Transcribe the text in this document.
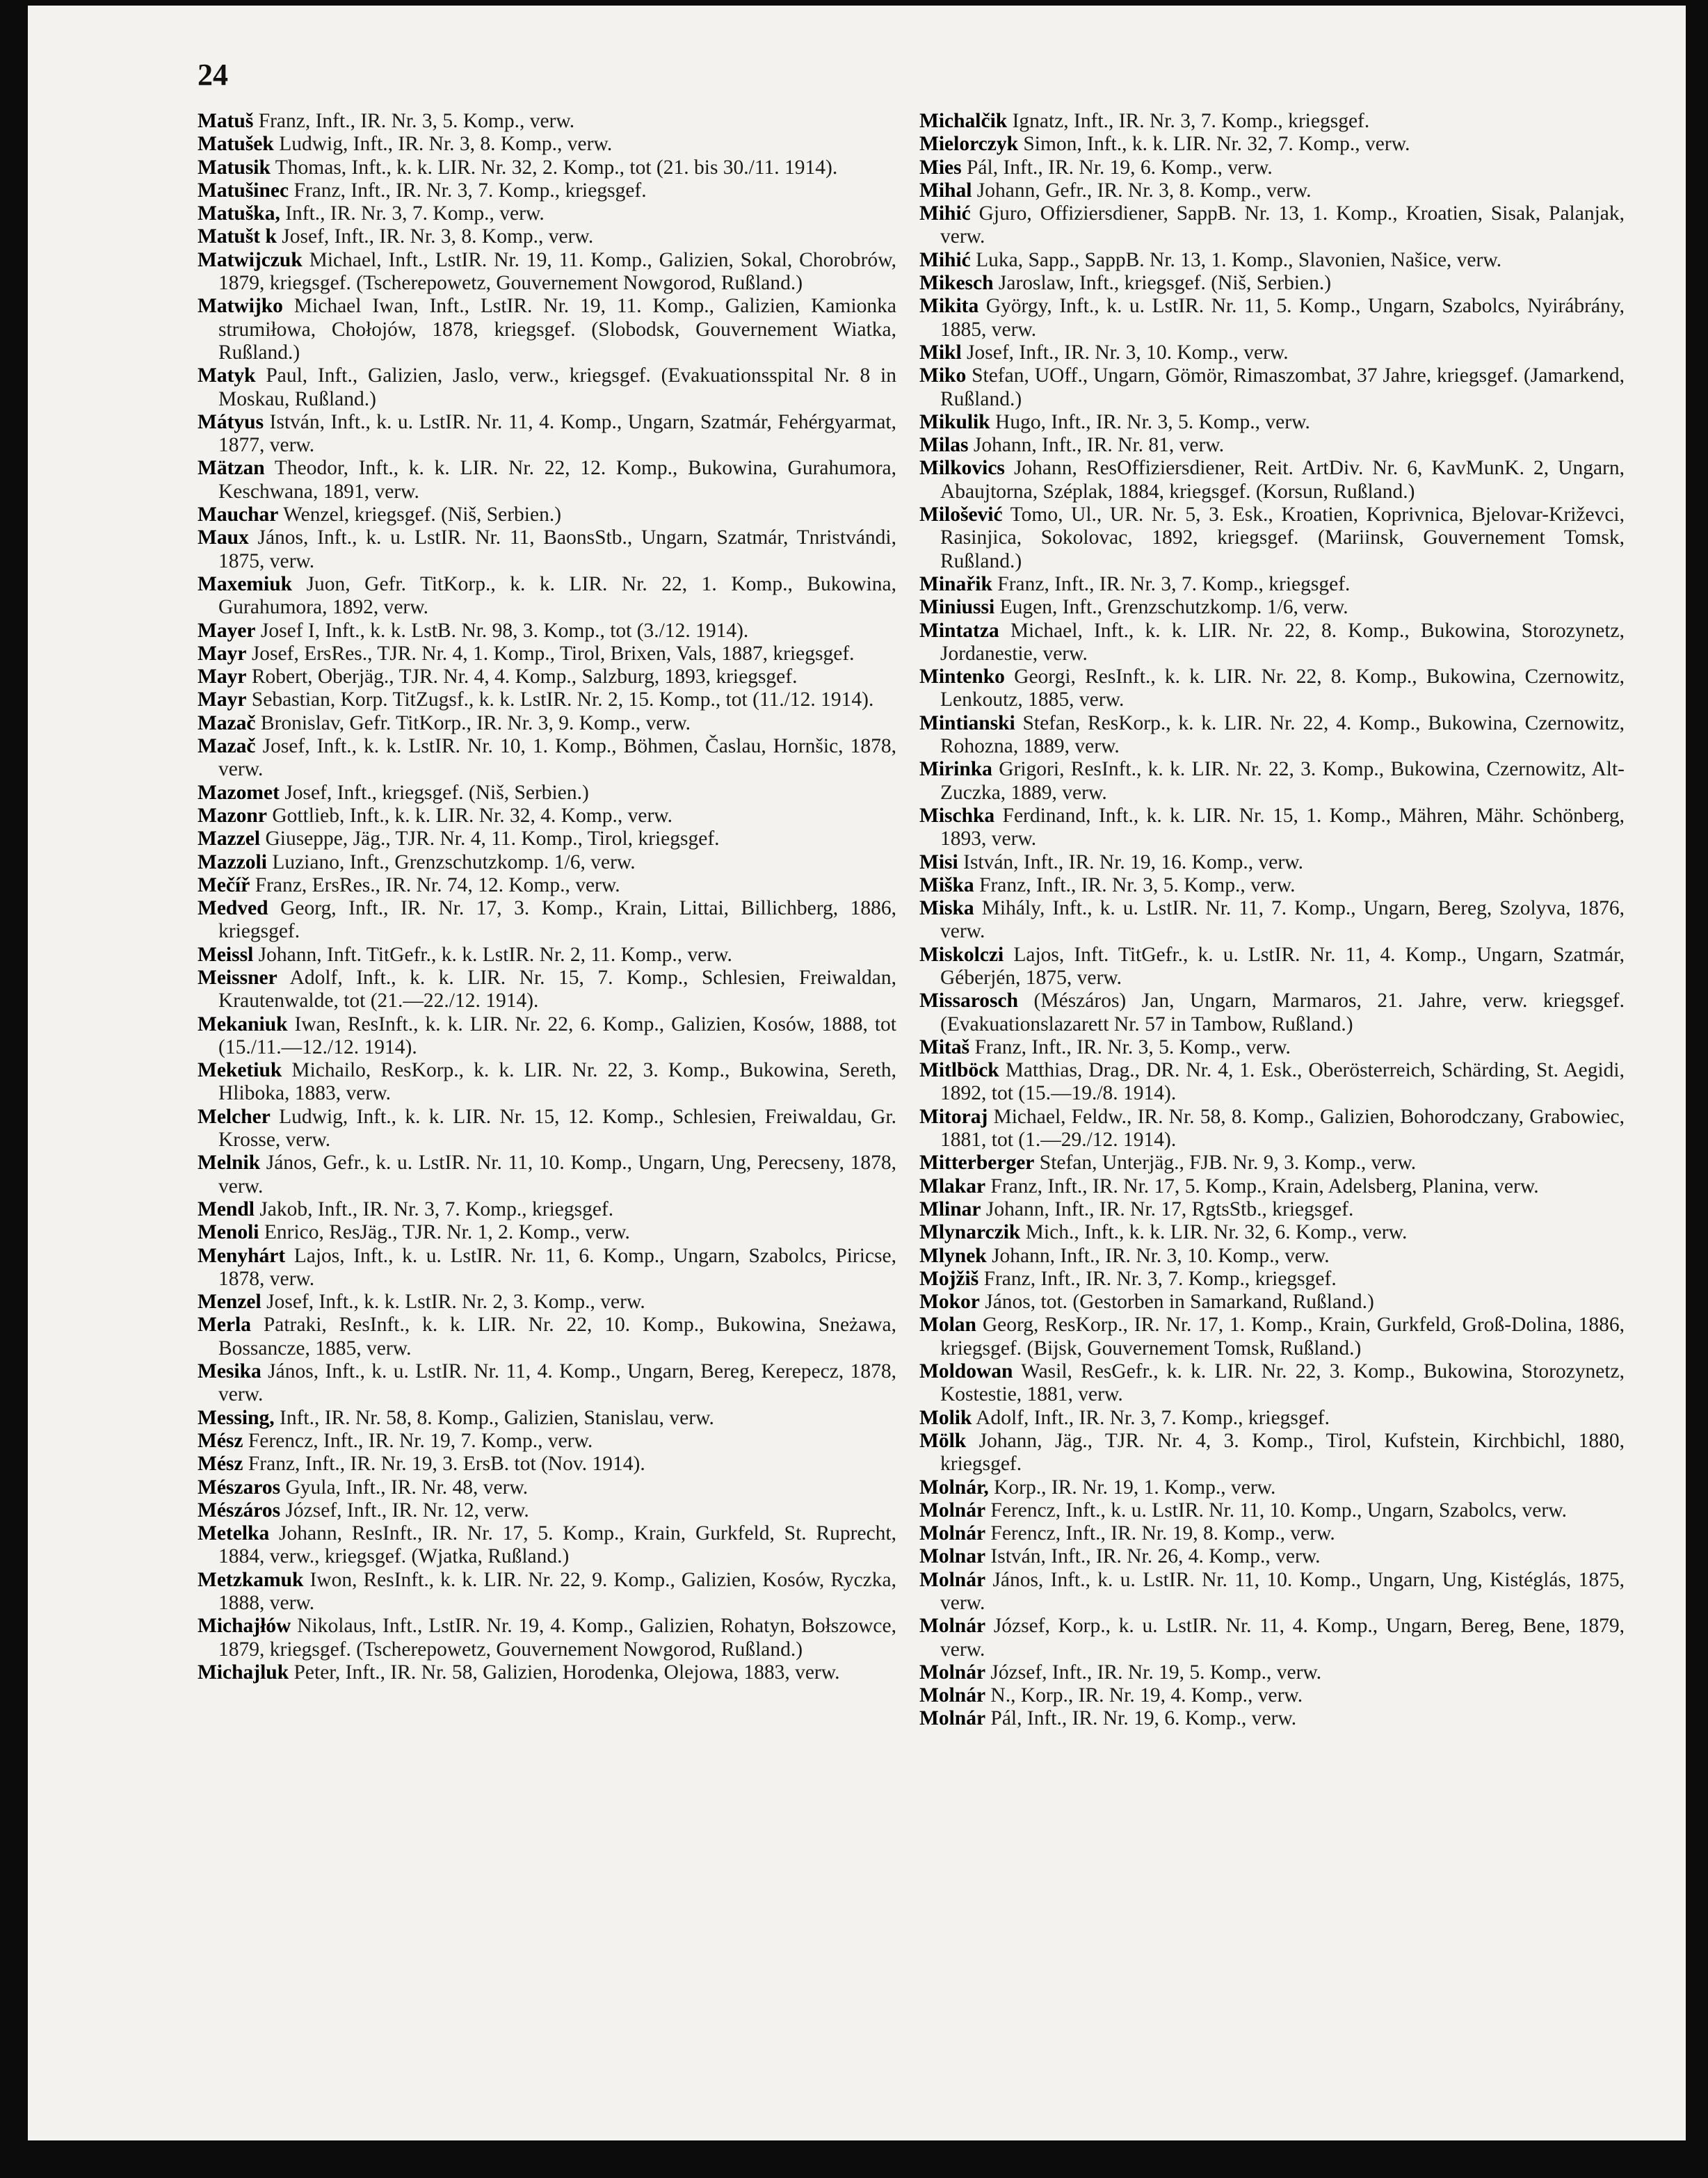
24

Matuš Franz, Inft., IR. Nr. 3, 5. Komp., verw.

Matušek Ludwig, Inft., IR. Nr. 3, 8. Komp., verw.

Matusik Thomas, Inft., k. k. LIR. Nr. 32, 2. Komp., tot (21. bis 30./11. 1914).

Matušinec Franz, Inft., IR. Nr. 3, 7. Komp., kriegsgef.

Matuška, Inft., IR. Nr. 3, 7. Komp., verw.

Matušt k Josef, Inft., IR. Nr. 3, 8. Komp., verw.

Matwijczuk Michael, Inft., LstIR. Nr. 19, 11. Komp., Galizien, Sokal, Chorobrów, 1879, kriegsgef. (Tscherepowetz, Gouvernement Nowgorod, Rußland.)

Matwijko Michael Iwan, Inft., LstIR. Nr. 19, 11. Komp., Galizien, Kamionka strumiłowa, Chołojów, 1878, kriegsgef. (Slobodsk, Gouvernement Wiatka, Rußland.)

Matyk Paul, Inft., Galizien, Jaslo, verw., kriegsgef. (Evakuationsspital Nr. 8 in Moskau, Rußland.)

Mátyus István, Inft., k. u. LstIR. Nr. 11, 4. Komp., Ungarn, Szatmár, Fehérgyarmat, 1877, verw.

Mätzan Theodor, Inft., k. k. LIR. Nr. 22, 12. Komp., Bukowina, Gurahumora, Keschwana, 1891, verw.

Mauchar Wenzel, kriegsgef. (Niš, Serbien.)

Maux János, Inft., k. u. LstIR. Nr. 11, BaonsStb., Ungarn, Szatmár, Tnristvándi, 1875, verw.

Maxemiuk Juon, Gefr. TitKorp., k. k. LIR. Nr. 22, 1. Komp., Bukowina, Gurahumora, 1892, verw.

Mayer Josef I, Inft., k. k. LstB. Nr. 98, 3. Komp., tot (3./12. 1914).

Mayr Josef, ErsRes., TJR. Nr. 4, 1. Komp., Tirol, Brixen, Vals, 1887, kriegsgef.

Mayr Robert, Oberjäg., TJR. Nr. 4, 4. Komp., Salzburg, 1893, kriegsgef.

Mayr Sebastian, Korp. TitZugsf., k. k. LstIR. Nr. 2, 15. Komp., tot (11./12. 1914).

Mazač Bronislav, Gefr. TitKorp., IR. Nr. 3, 9. Komp., verw.

Mazač Josef, Inft., k. k. LstIR. Nr. 10, 1. Komp., Böhmen, Časlau, Hornšic, 1878, verw.

Mazomet Josef, Inft., kriegsgef. (Niš, Serbien.)

Mazonr Gottlieb, Inft., k. k. LIR. Nr. 32, 4. Komp., verw.

Mazzel Giuseppe, Jäg., TJR. Nr. 4, 11. Komp., Tirol, kriegsgef.

Mazzoli Luziano, Inft., Grenzschutzkomp. 1/6, verw.

Mečíř Franz, ErsRes., IR. Nr. 74, 12. Komp., verw.

Medved Georg, Inft., IR. Nr. 17, 3. Komp., Krain, Littai, Billichberg, 1886, kriegsgef.

Meissl Johann, Inft. TitGefr., k. k. LstIR. Nr. 2, 11. Komp., verw.

Meissner Adolf, Inft., k. k. LIR. Nr. 15, 7. Komp., Schlesien, Freiwaldan, Krautenwalde, tot (21.—22./12. 1914).

Mekaniuk Iwan, ResInft., k. k. LIR. Nr. 22, 6. Komp., Galizien, Kosów, 1888, tot (15./11.—12./12. 1914).

Meketiuk Michailo, ResKorp., k. k. LIR. Nr. 22, 3. Komp., Bukowina, Sereth, Hliboka, 1883, verw.

Melcher Ludwig, Inft., k. k. LIR. Nr. 15, 12. Komp., Schlesien, Freiwaldau, Gr. Krosse, verw.

Melnik János, Gefr., k. u. LstIR. Nr. 11, 10. Komp., Ungarn, Ung, Perecseny, 1878, verw.

Mendl Jakob, Inft., IR. Nr. 3, 7. Komp., kriegsgef.

Menoli Enrico, ResJäg., TJR. Nr. 1, 2. Komp., verw.

Menyhárt Lajos, Inft., k. u. LstIR. Nr. 11, 6. Komp., Ungarn, Szabolcs, Piricse, 1878, verw.

Menzel Josef, Inft., k. k. LstIR. Nr. 2, 3. Komp., verw.

Merla Patraki, ResInft., k. k. LIR. Nr. 22, 10. Komp., Bukowina, Sneżawa, Bossancze, 1885, verw.

Mesika János, Inft., k. u. LstIR. Nr. 11, 4. Komp., Ungarn, Bereg, Kerepecz, 1878, verw.

Messing, Inft., IR. Nr. 58, 8. Komp., Galizien, Stanislau, verw.

Mész Ferencz, Inft., IR. Nr. 19, 7. Komp., verw.

Mész Franz, Inft., IR. Nr. 19, 3. ErsB. tot (Nov. 1914).

Mészaros Gyula, Inft., IR. Nr. 48, verw.

Mészáros József, Inft., IR. Nr. 12, verw.

Metelka Johann, ResInft., IR. Nr. 17, 5. Komp., Krain, Gurkfeld, St. Ruprecht, 1884, verw., kriegsgef. (Wjatka, Rußland.)

Metzkamuk Iwon, ResInft., k. k. LIR. Nr. 22, 9. Komp., Galizien, Kosów, Ryczka, 1888, verw.

Michajłów Nikolaus, Inft., LstIR. Nr. 19, 4. Komp., Galizien, Rohatyn, Bołszowce, 1879, kriegsgef. (Tscherepowetz, Gouvernement Nowgorod, Rußland.)

Michajluk Peter, Inft., IR. Nr. 58, Galizien, Horodenka, Olejowa, 1883, verw.

Michalčik Ignatz, Inft., IR. Nr. 3, 7. Komp., kriegsgef.

Mielorczyk Simon, Inft., k. k. LIR. Nr. 32, 7. Komp., verw.

Mies Pál, Inft., IR. Nr. 19, 6. Komp., verw.

Mihal Johann, Gefr., IR. Nr. 3, 8. Komp., verw.

Mihić Gjuro, Offiziersdiener, SappB. Nr. 13, 1. Komp., Kroatien, Sisak, Palanjak, verw.

Mihić Luka, Sapp., SappB. Nr. 13, 1. Komp., Slavonien, Našice, verw.

Mikesch Jaroslaw, Inft., kriegsgef. (Niš, Serbien.)

Mikita György, Inft., k. u. LstIR. Nr. 11, 5. Komp., Ungarn, Szabolcs, Nyirábrány, 1885, verw.

Mikl Josef, Inft., IR. Nr. 3, 10. Komp., verw.

Miko Stefan, UOff., Ungarn, Gömör, Rimaszombat, 37 Jahre, kriegsgef. (Jamarkend, Rußland.)

Mikulik Hugo, Inft., IR. Nr. 3, 5. Komp., verw.

Milas Johann, Inft., IR. Nr. 81, verw.

Milkovics Johann, ResOffiziersdiener, Reit. ArtDiv. Nr. 6, KavMunK. 2, Ungarn, Abaujtorna, Széplak, 1884, kriegsgef. (Korsun, Rußland.)

Milošević Tomo, Ul., UR. Nr. 5, 3. Esk., Kroatien, Koprivnica, Bjelovar-Križevci, Rasinjica, Sokolovac, 1892, kriegsgef. (Mariinsk, Gouvernement Tomsk, Rußland.)

Minařik Franz, Inft., IR. Nr. 3, 7. Komp., kriegsgef.

Miniussi Eugen, Inft., Grenzschutzkomp. 1/6, verw.

Mintatza Michael, Inft., k. k. LIR. Nr. 22, 8. Komp., Bukowina, Storozynetz, Jordanestie, verw.

Mintenko Georgi, ResInft., k. k. LIR. Nr. 22, 8. Komp., Bukowina, Czernowitz, Lenkoutz, 1885, verw.

Mintianski Stefan, ResKorp., k. k. LIR. Nr. 22, 4. Komp., Bukowina, Czernowitz, Rohozna, 1889, verw.

Mirinka Grigori, ResInft., k. k. LIR. Nr. 22, 3. Komp., Bukowina, Czernowitz, Alt-Zuczka, 1889, verw.

Mischka Ferdinand, Inft., k. k. LIR. Nr. 15, 1. Komp., Mähren, Mähr. Schönberg, 1893, verw.

Misi István, Inft., IR. Nr. 19, 16. Komp., verw.

Miška Franz, Inft., IR. Nr. 3, 5. Komp., verw.

Miska Mihály, Inft., k. u. LstIR. Nr. 11, 7. Komp., Ungarn, Bereg, Szolyva, 1876, verw.

Miskolczi Lajos, Inft. TitGefr., k. u. LstIR. Nr. 11, 4. Komp., Ungarn, Szatmár, Géberjén, 1875, verw.

Missarosch (Mészáros) Jan, Ungarn, Marmaros, 21. Jahre, verw. kriegsgef. (Evakuationslazarett Nr. 57 in Tambow, Rußland.)

Mitaš Franz, Inft., IR. Nr. 3, 5. Komp., verw.

Mitlböck Matthias, Drag., DR. Nr. 4, 1. Esk., Oberösterreich, Schärding, St. Aegidi, 1892, tot (15.—19./8. 1914).

Mitoraj Michael, Feldw., IR. Nr. 58, 8. Komp., Galizien, Bohorodczany, Grabowiec, 1881, tot (1.—29./12. 1914).

Mitterberger Stefan, Unterjäg., FJB. Nr. 9, 3. Komp., verw.

Mlakar Franz, Inft., IR. Nr. 17, 5. Komp., Krain, Adelsberg, Planina, verw.

Mlinar Johann, Inft., IR. Nr. 17, RgtsStb., kriegsgef.

Mlynarczik Mich., Inft., k. k. LIR. Nr. 32, 6. Komp., verw.

Mlynek Johann, Inft., IR. Nr. 3, 10. Komp., verw.

Mojžiš Franz, Inft., IR. Nr. 3, 7. Komp., kriegsgef.

Mokor János, tot. (Gestorben in Samarkand, Rußland.)

Molan Georg, ResKorp., IR. Nr. 17, 1. Komp., Krain, Gurkfeld, Groß-Dolina, 1886, kriegsgef. (Bijsk, Gouvernement Tomsk, Rußland.)

Moldowan Wasil, ResGefr., k. k. LIR. Nr. 22, 3. Komp., Bukowina, Storozynetz, Kostestie, 1881, verw.

Molik Adolf, Inft., IR. Nr. 3, 7. Komp., kriegsgef.

Mölk Johann, Jäg., TJR. Nr. 4, 3. Komp., Tirol, Kufstein, Kirchbichl, 1880, kriegsgef.

Molnár, Korp., IR. Nr. 19, 1. Komp., verw.

Molnár Ferencz, Inft., k. u. LstIR. Nr. 11, 10. Komp., Ungarn, Szabolcs, verw.

Molnár Ferencz, Inft., IR. Nr. 19, 8. Komp., verw.

Molnar István, Inft., IR. Nr. 26, 4. Komp., verw.

Molnár János, Inft., k. u. LstIR. Nr. 11, 10. Komp., Ungarn, Ung, Kistéglás, 1875, verw.

Molnár József, Korp., k. u. LstIR. Nr. 11, 4. Komp., Ungarn, Bereg, Bene, 1879, verw.

Molnár József, Inft., IR. Nr. 19, 5. Komp., verw.

Molnár N., Korp., IR. Nr. 19, 4. Komp., verw.

Molnár Pál, Inft., IR. Nr. 19, 6. Komp., verw.
